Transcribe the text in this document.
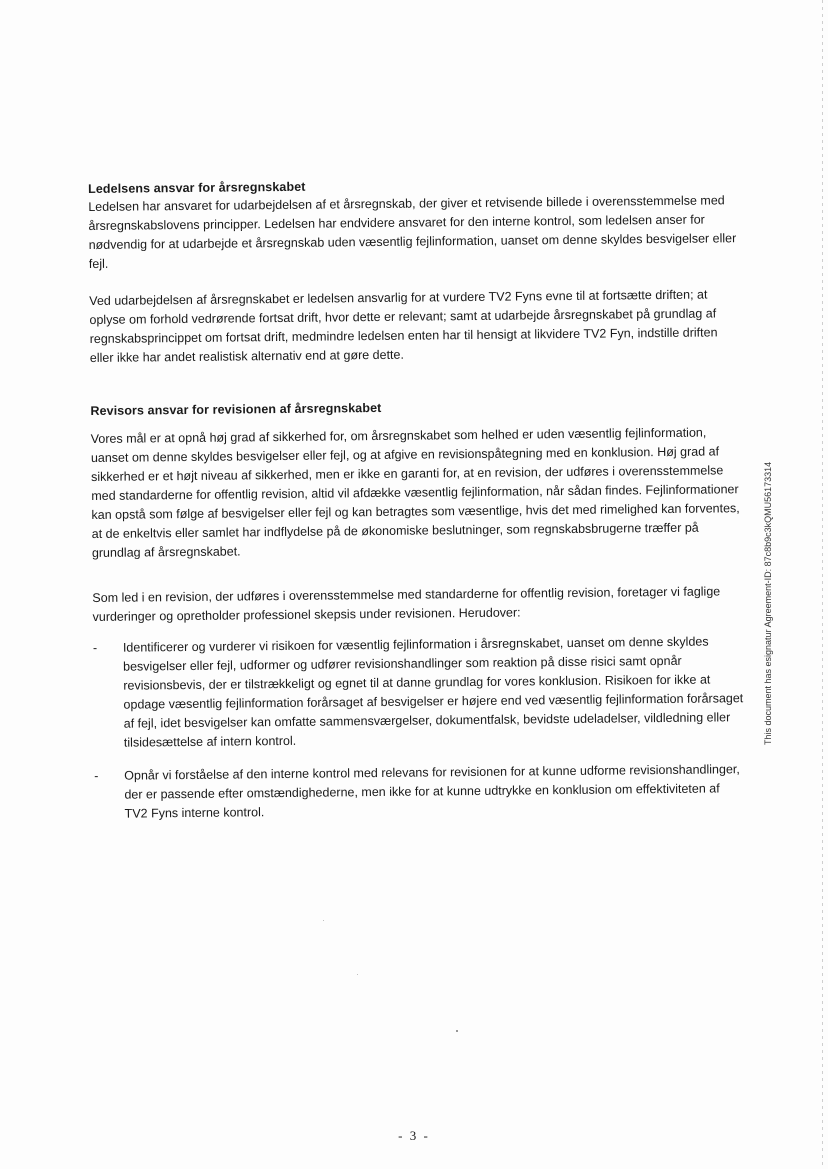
Ledelsens ansvar for årsregnskabet

Ledelsen har ansvaret for udarbejdelsen af et årsregnskab, der giver et retvisende billede i overensstemmelse med årsregnskabslovens principper. Ledelsen har endvidere ansvaret for den interne kontrol, som ledelsen anser for nødvendig for at udarbejde et årsregnskab uden væsentlig fejlinformation, uanset om denne skyldes besvigelser eller fejl.

Ved udarbejdelsen af årsregnskabet er ledelsen ansvarlig for at vurdere TV2 Fyns evne til at fortsætte driften; at oplyse om forhold vedrørende fortsat drift, hvor dette er relevant; samt at udarbejde årsregnskabet på grundlag af regnskabsprincippet om fortsat drift, medmindre ledelsen enten har til hensigt at likvidere TV2 Fyn, indstille driften eller ikke har andet realistisk alternativ end at gøre dette.

Revisors ansvar for revisionen af årsregnskabet

Vores mål er at opnå høj grad af sikkerhed for, om årsregnskabet som helhed er uden væsentlig fejlinformation, uanset om denne skyldes besvigelser eller fejl, og at afgive en revisionspåtegning med en konklusion. Høj grad af sikkerhed er et højt niveau af sikkerhed, men er ikke en garanti for, at en revision, der udføres i overensstemmelse med standarderne for offentlig revision, altid vil afdække væsentlig fejlinformation, når sådan findes. Fejlinformationer kan opstå som følge af besvigelser eller fejl og kan betragtes som væsentlige, hvis det med rimelighed kan forventes, at de enkeltvis eller samlet har indflydelse på de økonomiske beslutninger, som regnskabsbrugerne træffer på grundlag af årsregnskabet.

Som led i en revision, der udføres i overensstemmelse med standarderne for offentlig revision, foretager vi faglige vurderinger og opretholder professionel skepsis under revisionen. Herudover:

-	Identificerer og vurderer vi risikoen for væsentlig fejlinformation i årsregnskabet, uanset om denne skyldes besvigelser eller fejl, udformer og udfører revisionshandlinger som reaktion på disse risici samt opnår revisionsbevis, der er tilstrækkeligt og egnet til at danne grundlag for vores konklusion. Risikoen for ikke at opdage væsentlig fejlinformation forårsaget af besvigelser er højere end ved væsentlig fejlinformation forårsaget af fejl, idet besvigelser kan omfatte sammensværgelser, dokumentfalsk, bevidste udeladelser, vildledning eller tilsidesættelse af intern kontrol.
-	Opnår vi forståelse af den interne kontrol med relevans for revisionen for at kunne udforme revisionshandlinger, der er passende efter omstændighederne, men ikke for at kunne udtrykke en konklusion om effektiviteten af TV2 Fyns interne kontrol.
This document has esignatur Agreement-ID: 87c8b9c3kQMU56173314
- 3 -
